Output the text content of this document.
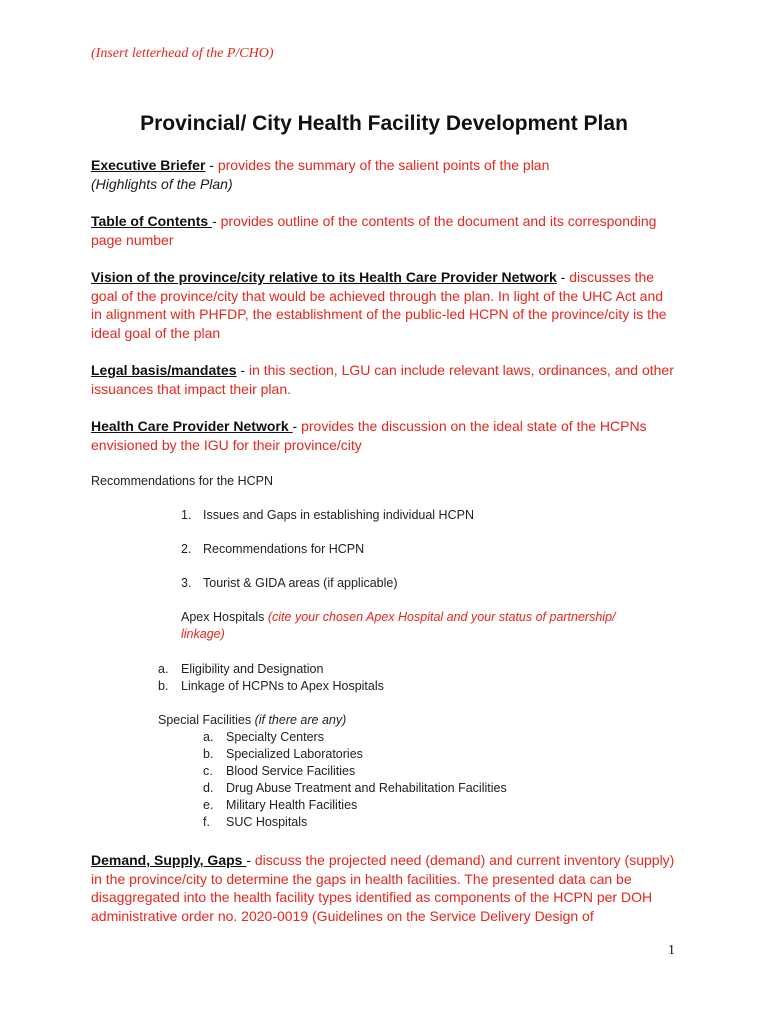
(Insert letterhead of the P/CHO)
Provincial/ City Health Facility Development Plan
Executive Briefer - provides the summary of the salient points of the plan
(Highlights of the Plan)
Table of Contents - provides outline of the contents of the document and its corresponding page number
Vision of the province/city relative to its Health Care Provider Network - discusses the goal of the province/city that would be achieved through the plan. In light of the UHC Act and in alignment with PHFDP, the establishment of the public-led HCPN of the province/city is the ideal goal of the plan
Legal basis/mandates - in this section, LGU can include relevant laws, ordinances, and other issuances that impact their plan.
Health Care Provider Network - provides the discussion on the ideal state of the HCPNs envisioned by the IGU for their province/city
Recommendations for the HCPN
1. Issues and Gaps in establishing individual HCPN
2. Recommendations for HCPN
3. Tourist & GIDA areas (if applicable)
Apex Hospitals (cite your chosen Apex Hospital and your status of partnership/ linkage)
a. Eligibility and Designation
b. Linkage of HCPNs to Apex Hospitals
Special Facilities (if there are any)
a. Specialty Centers
b. Specialized Laboratories
c. Blood Service Facilities
d. Drug Abuse Treatment and Rehabilitation Facilities
e. Military Health Facilities
f. SUC Hospitals
Demand, Supply, Gaps - discuss the projected need (demand) and current inventory (supply) in the province/city to determine the gaps in health facilities. The presented data can be disaggregated into the health facility types identified as components of the HCPN per DOH administrative order no. 2020-0019 (Guidelines on the Service Delivery Design of
1
